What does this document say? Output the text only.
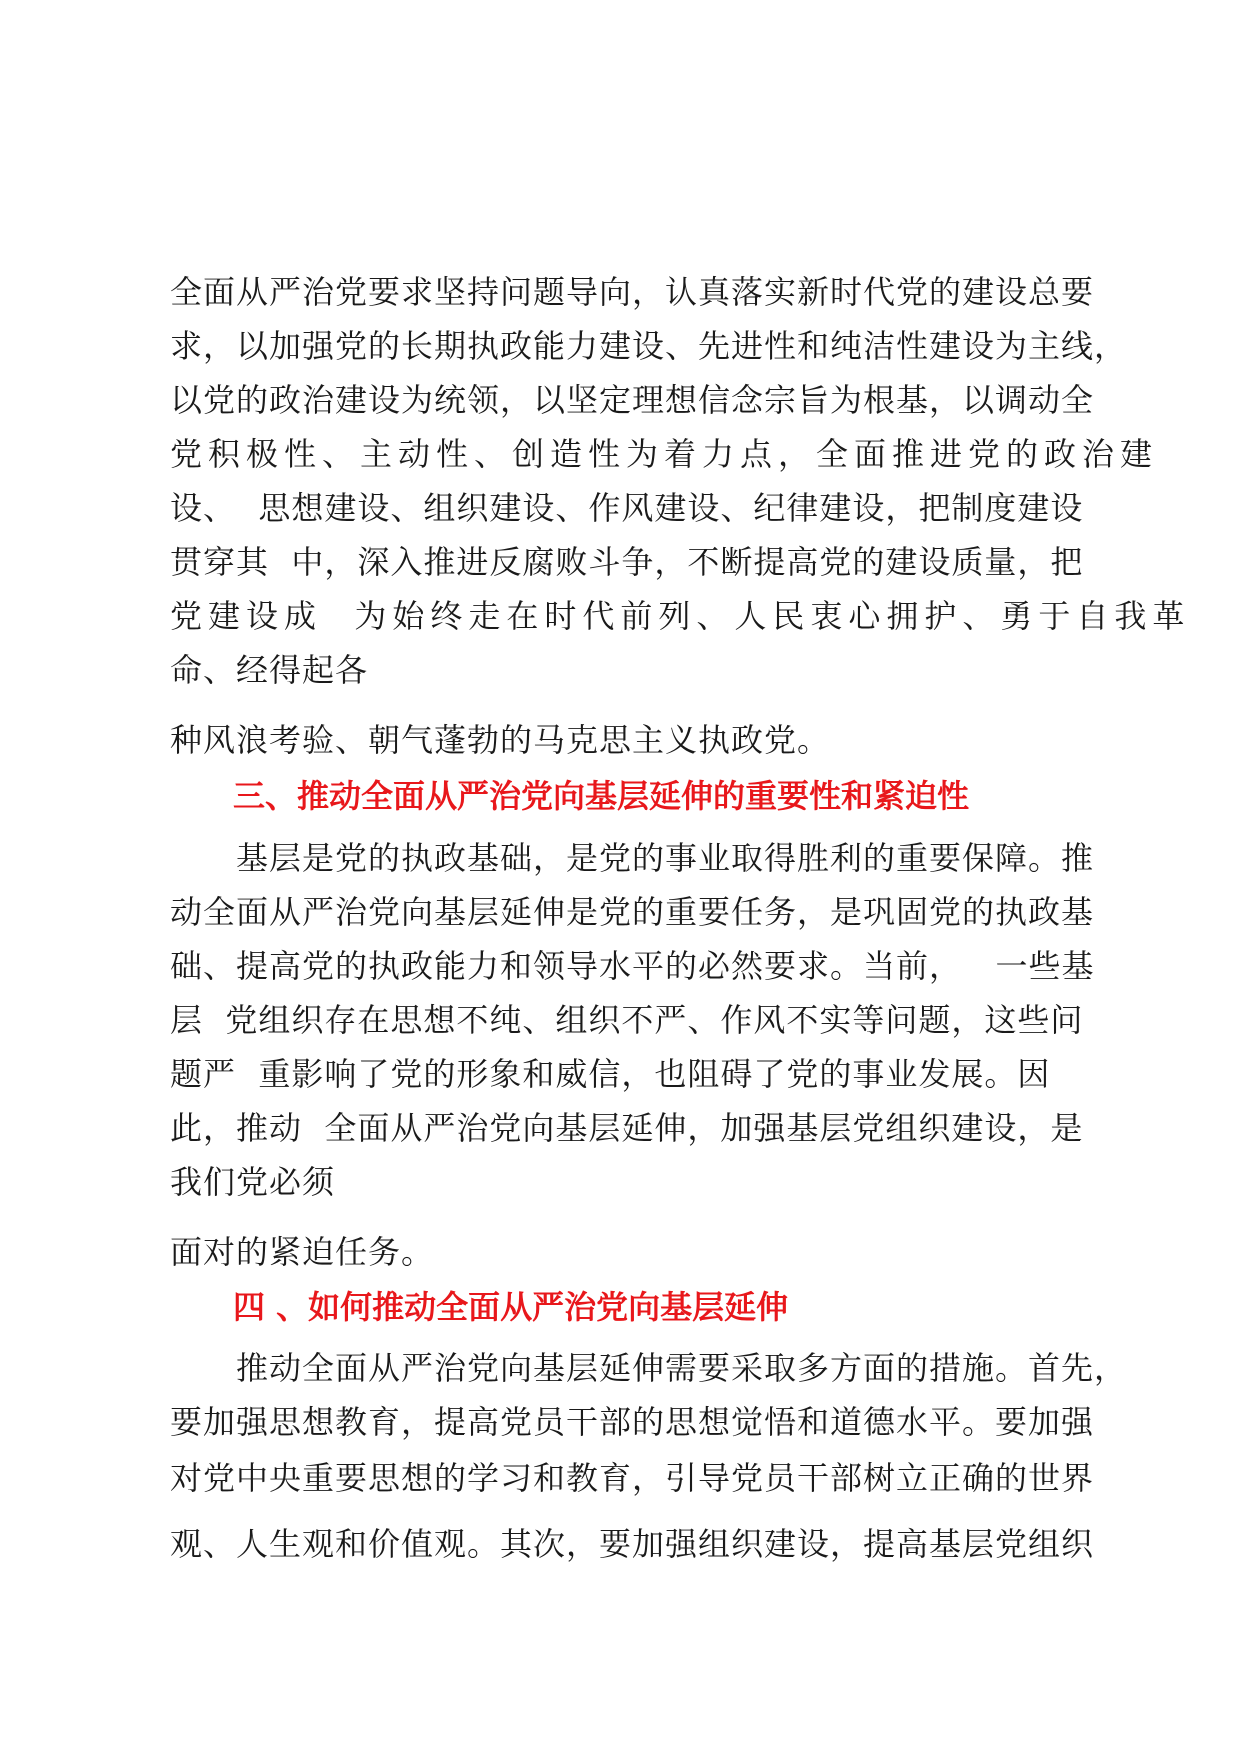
全面从严治党要求坚持问题导向，认真落实新时代党的建设总要
求，以加强党的长期执政能力建设、先进性和纯洁性建设为主线，
以党的政治建设为统领，以坚定理想信念宗旨为根基，以调动全
党积极性、主动性、创造性为着力点，全面推进党的政治建
设、  思想建设、组织建设、作风建设、纪律建设，把制度建设
贯穿其  中，深入推进反腐败斗争，不断提高党的建设质量，把
党建设成  为始终走在时代前列、人民衷心拥护、勇于自我革
命、经得起各
种风浪考验、朝气蓬勃的马克思主义执政党。
三、推动全面从严治党向基层延伸的重要性和紧迫性
基层是党的执政基础，是党的事业取得胜利的重要保障。推
动全面从严治党向基层延伸是党的重要任务，是巩固党的执政基
础、提高党的执政能力和领导水平的必然要求。当前，   一些基
层  党组织存在思想不纯、组织不严、作风不实等问题，这些问
题严  重影响了党的形象和威信，也阻碍了党的事业发展。因
此，推动  全面从严治党向基层延伸，加强基层党组织建设，是
我们党必须
面对的紧迫任务。
四 、如何推动全面从严治党向基层延伸
推动全面从严治党向基层延伸需要采取多方面的措施。首先，
要加强思想教育，提高党员干部的思想觉悟和道德水平。要加强
对党中央重要思想的学习和教育，引导党员干部树立正确的世界
观、人生观和价值观。其次，要加强组织建设，提高基层党组织
